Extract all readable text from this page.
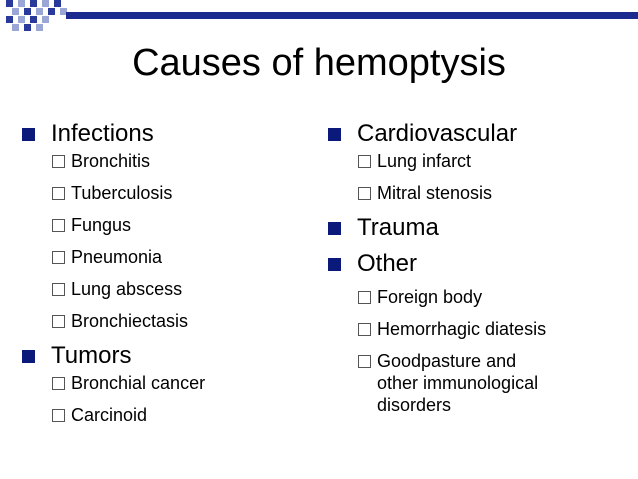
Causes of hemoptysis
Infections
Bronchitis
Tuberculosis
Fungus
Pneumonia
Lung abscess
Bronchiectasis
Tumors
Bronchial cancer
Carcinoid
Cardiovascular
Lung infarct
Mitral stenosis
Trauma
Other
Foreign body
Hemorrhagic diatesis
Goodpasture and
other immunological
disorders
